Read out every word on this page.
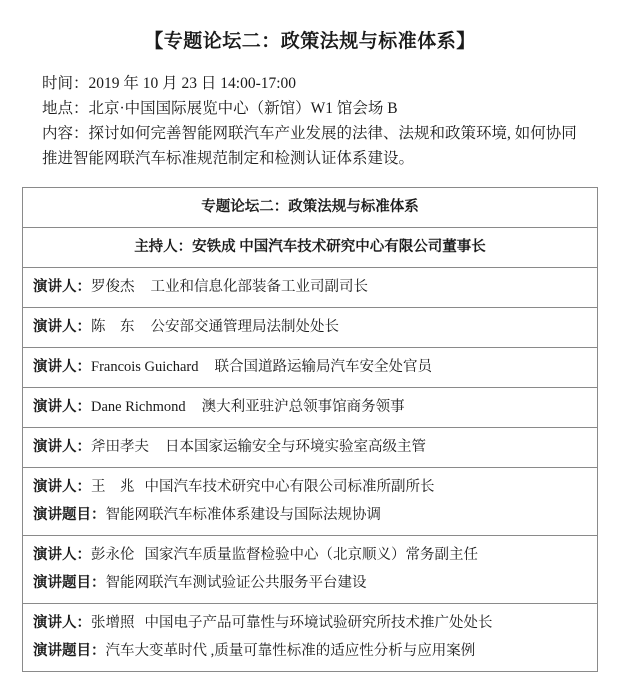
【专题论坛二：政策法规与标准体系】
时间：2019 年 10 月 23 日 14:00-17:00
地点：北京·中国国际展览中心（新馆）W1 馆会场 B
内容：探讨如何完善智能网联汽车产业发展的法律、法规和政策环境, 如何协同推进智能网联汽车标准规范制定和检测认证体系建设。
专题论坛二：政策法规与标准体系
主持人：安铁成 中国汽车技术研究中心有限公司董事长

演讲人：罗俊杰 工业和信息化部装备工业司副司长

演讲人：陈　东 公安部交通管理局法制处处长

演讲人：Francois Guichard 联合国道路运输局汽车安全处官员

演讲人：Dane Richmond 澳大利亚驻沪总领事馆商务领事

演讲人：斧田孝夫 日本国家运输安全与环境实验室高级主管

演讲人：王　兆 中国汽车技术研究中心有限公司标准所副所长
演讲题目：智能网联汽车标准体系建设与国际法规协调

演讲人：彭永伦 国家汽车质量监督检验中心（北京顺义）常务副主任
演讲题目：智能网联汽车测试验证公共服务平台建设

演讲人：张增照 中国电子产品可靠性与环境试验研究所技术推广处处长
演讲题目：汽车大变革时代 ,质量可靠性标准的适应性分析与应用案例
